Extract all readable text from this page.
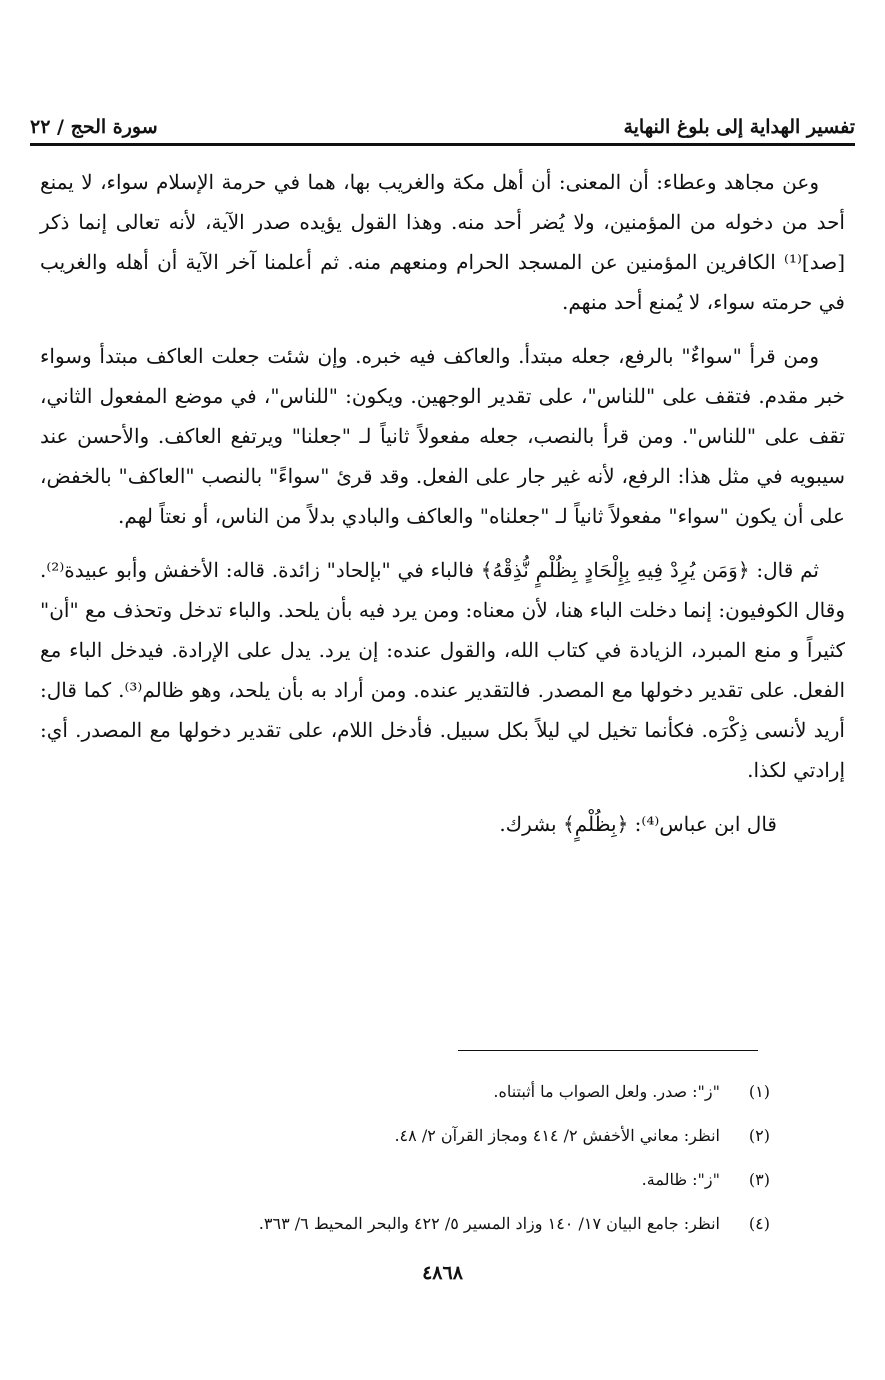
تفسير الهداية إلى بلوغ النهاية
سورة الحج / ٢٢

وعن مجاهد وعطاء: أن المعنى: أن أهل مكة والغريب بها، هما في حرمة الإسلام سواء، لا يمنع أحد من دخوله من المؤمنين، ولا يُضر أحد منه. وهذا القول يؤيده صدر الآية، لأنه تعالى إنما ذكر [صد]⁽¹⁾ الكافرين المؤمنين عن المسجد الحرام ومنعهم منه. ثم أعلمنا آخر الآية أن أهله والغريب في حرمته سواء، لا يُمنع أحد منهم.

ومن قرأ "سواءٌ" بالرفع، جعله مبتدأ. والعاكف فيه خبره. وإن شئت جعلت العاكف مبتدأ وسواء خبر مقدم. فتقف على "للناس"، على تقدير الوجهين. ويكون: "للناس"، في موضع المفعول الثاني، تقف على "للناس". ومن قرأ بالنصب، جعله مفعولاً ثانياً لـ "جعلنا" ويرتفع العاكف. والأحسن عند سيبويه في مثل هذا: الرفع، لأنه غير جار على الفعل. وقد قرئ "سواءً" بالنصب "العاكف" بالخفض، على أن يكون "سواء" مفعولاً ثانياً لـ "جعلناه" والعاكف والبادي بدلاً من الناس، أو نعتاً لهم.

ثم قال: ﴿وَمَن يُرِدْ فِيهِ بِإِلْحَادٍ بِظُلْمٍ نُّذِقْهُ﴾ فالباء في "بإلحاد" زائدة. قاله: الأخفش وأبو عبيدة⁽²⁾. وقال الكوفيون: إنما دخلت الباء هنا، لأن معناه: ومن يرد فيه بأن يلحد. والباء تدخل وتحذف مع "أن" كثيراً و منع المبرد، الزيادة في كتاب الله، والقول عنده: إن يرد. يدل على الإرادة. فيدخل الباء مع الفعل. على تقدير دخولها مع المصدر. فالتقدير عنده. ومن أراد به بأن يلحد، وهو ظالم⁽³⁾. كما قال: أريد لأنسى ذِكْرَه. فكأنما تخيل لي ليلاً بكل سبيل. فأدخل اللام، على تقدير دخولها مع المصدر. أي: إرادتي لكذا.

قال ابن عباس⁽⁴⁾: ﴿بِظُلْمٍ﴾ بشرك.

(١)
"ز": صدر. ولعل الصواب ما أثبتناه.
(٢)
انظر: معاني الأخفش ٢/ ٤١٤ ومجاز القرآن ٢/ ٤٨.
(٣)
"ز": ظالمة.
(٤)
انظر: جامع البيان ١٧/ ١٤٠ وزاد المسير ٥/ ٤٢٢ والبحر المحيط ٦/ ٣٦٣.
٤٨٦٨
